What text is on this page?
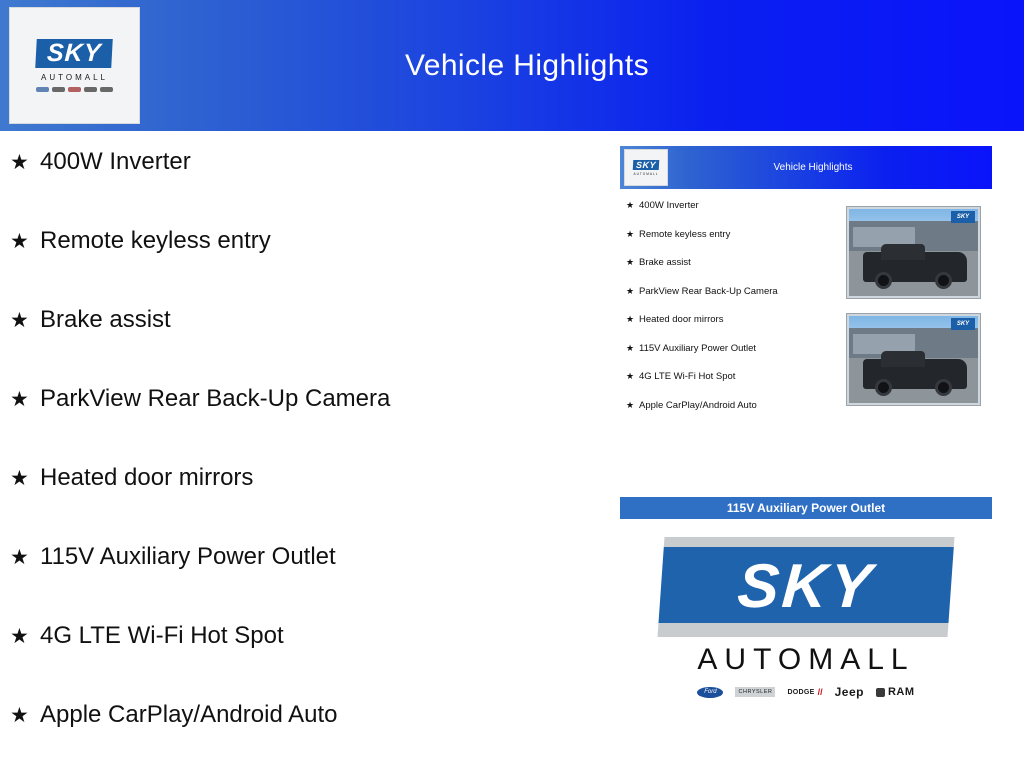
Vehicle Highlights
SKY
AUTOMALL
★ 400W Inverter
★ Remote keyless entry
★ Brake assist
★ ParkView Rear Back-Up Camera
★ Heated door mirrors
★ 115V Auxiliary Power Outlet
★ 4G LTE Wi-Fi Hot Spot
★ Apple CarPlay/Android Auto
Vehicle Highlights
SKY
AUTOMALL
★ 400W Inverter
★ Remote keyless entry
★ Brake assist
★ ParkView Rear Back-Up Camera
★ Heated door mirrors
★ 115V Auxiliary Power Outlet
★ 4G LTE Wi-Fi Hot Spot
★ Apple CarPlay/Android Auto
SKY
SKY
115V Auxiliary Power Outlet
SKY
AUTOMALL
Ford	CHRYSLER	DODGE // Jeep RAM
